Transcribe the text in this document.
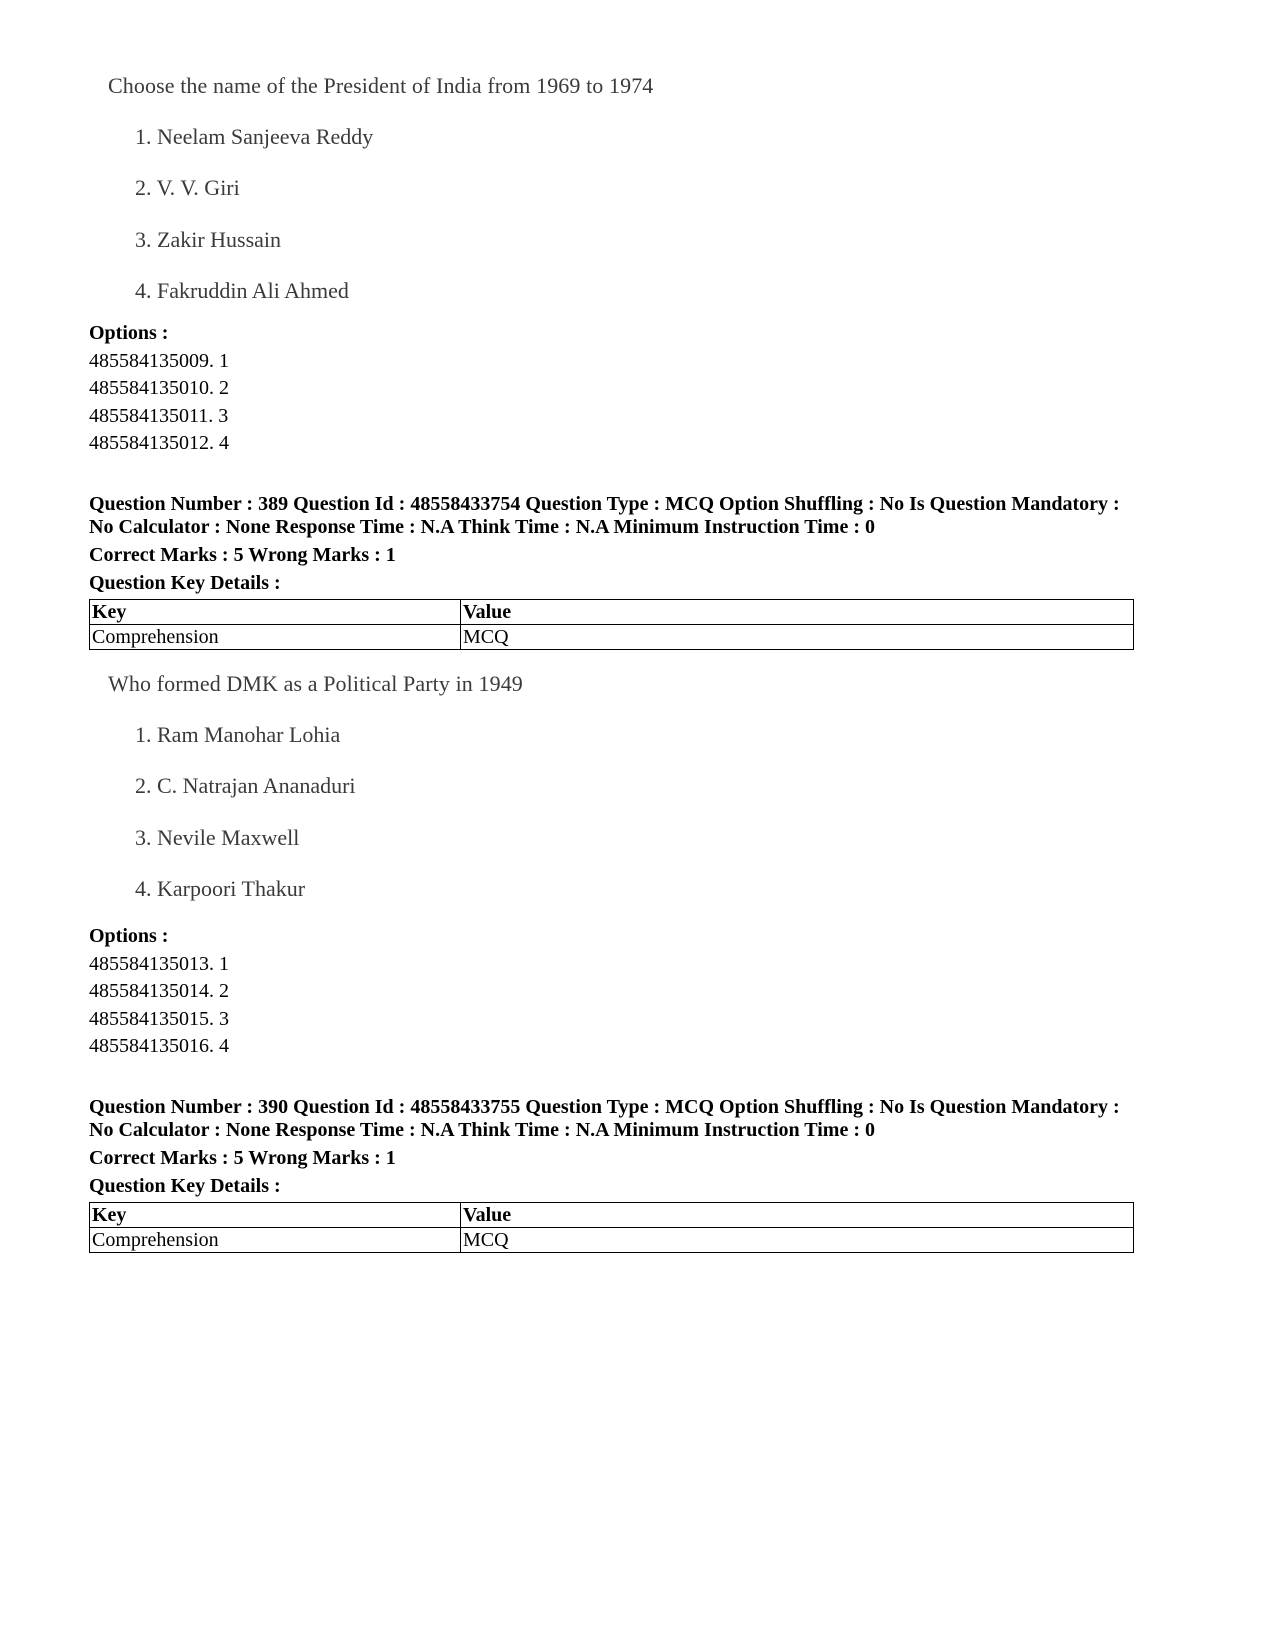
Choose the name of the President of India from 1969 to 1974

1. Neelam Sanjeeva Reddy
2. V. V. Giri
3. Zakir Hussain
4. Fakruddin Ali Ahmed
Options :
485584135009. 1
485584135010. 2
485584135011. 3
485584135012. 4
Question Number : 389 Question Id : 48558433754 Question Type : MCQ Option Shuffling : No Is Question Mandatory :
No Calculator : None Response Time : N.A Think Time : N.A Minimum Instruction Time : 0
Correct Marks : 5 Wrong Marks : 1
Question Key Details :
Key	Value
Comprehension	MCQ

Who formed DMK as a Political Party in 1949

1. Ram Manohar Lohia
2. C. Natrajan Ananaduri
3. Nevile Maxwell
4. Karpoori Thakur
Options :
485584135013. 1
485584135014. 2
485584135015. 3
485584135016. 4
Question Number : 390 Question Id : 48558433755 Question Type : MCQ Option Shuffling : No Is Question Mandatory :
No Calculator : None Response Time : N.A Think Time : N.A Minimum Instruction Time : 0
Correct Marks : 5 Wrong Marks : 1
Question Key Details :
Key	Value
Comprehension	MCQ
